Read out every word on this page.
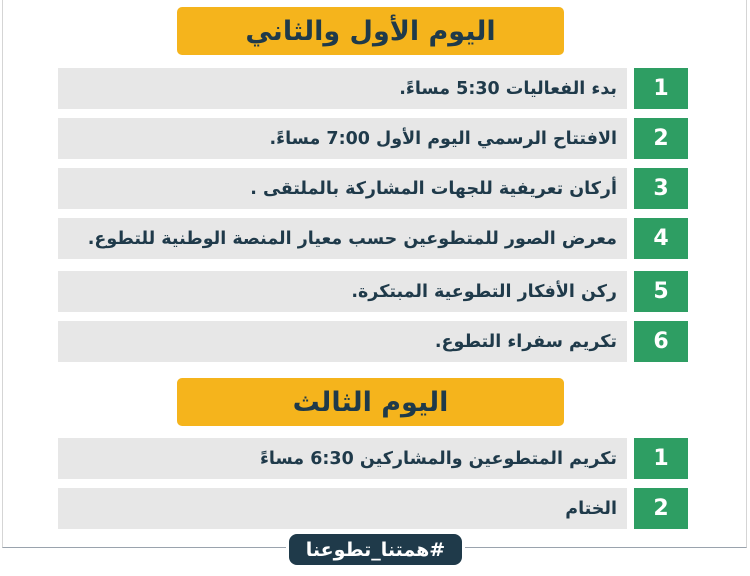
اليوم الأول والثاني
بدء الفعاليات 5:30 مساءً.	1
الافتتاح الرسمي اليوم الأول 7:00 مساءً.	2
أركان تعريفية للجهات المشاركة بالملتقى .	3
معرض الصور للمتطوعين حسب معيار المنصة الوطنية للتطوع.	4
ركن الأفكار التطوعية المبتكرة.	5
تكريم سفراء التطوع.	6
اليوم الثالث
تكريم المتطوعين والمشاركين 6:30 مساءً	1
الختام	2
#همتنا_تطوعنا
